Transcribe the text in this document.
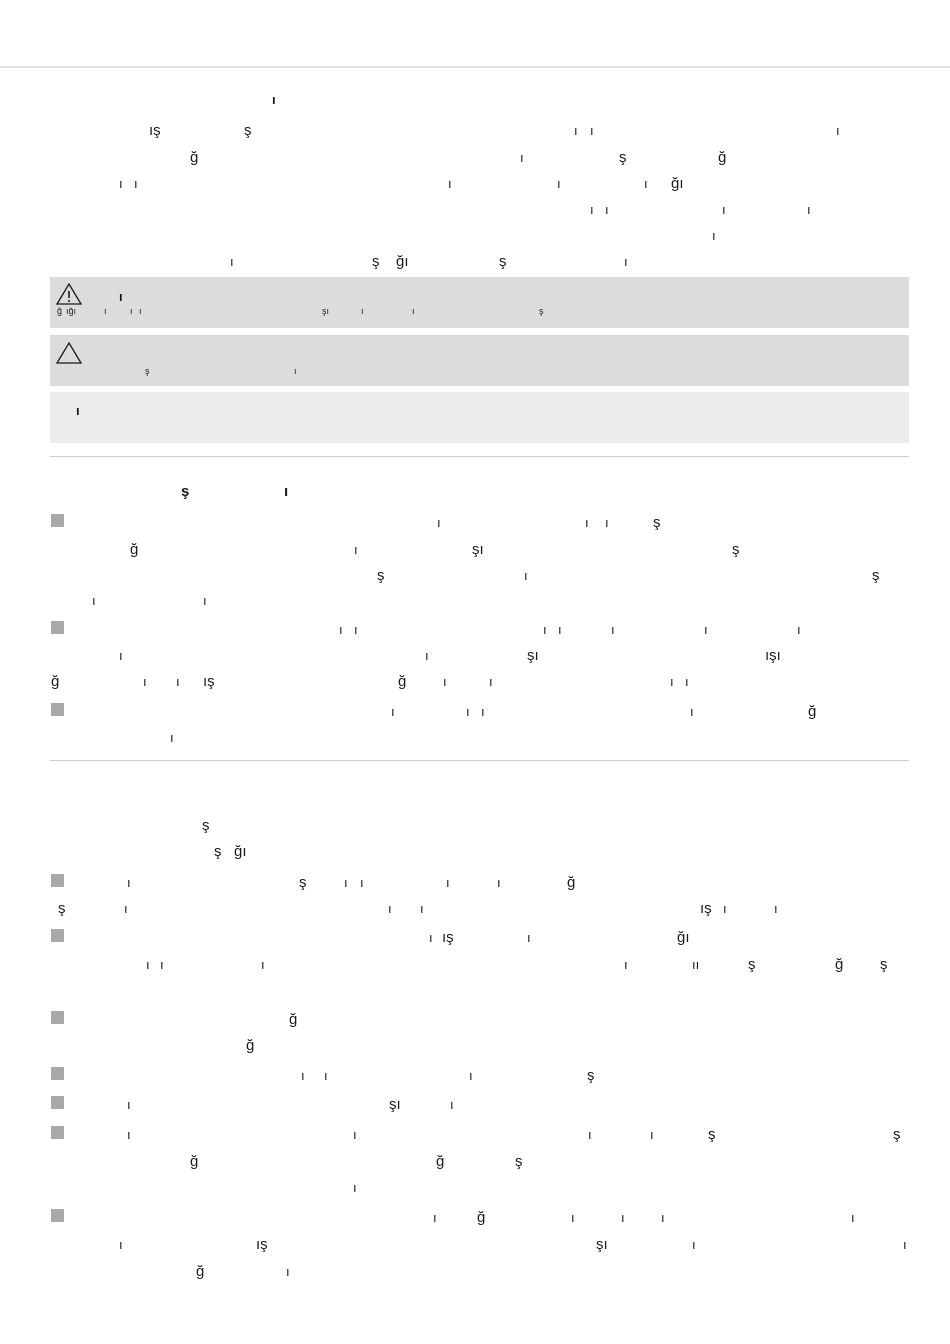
ı
ış	ş	ı ı	ı
ğ	ı	ş	ğ
ı ı	ı	ı	ı ğı
ı ı	ı	ı
ı
ı	ş ğı	ş	ı
ı
ğ ığı	ı	ı ı	şı	ı	ı	ş
ş	ı
ı
ş	ı
ı	ı ı	ş
ğ	ı	şı	ş
ş	ı	ş
ı	ı
ı ı	ı ı	ı	ı	ı
ı	ı	şı	ışı
ğ	ı ı ış	ğ	ı	ı	ı ı
ı	ı ı	ı	ğ
ı
ş
ş ğı
ı	ş	ı ı	ı	ı	ğ
ş	ı	ı ı	ış ı	ı
ı ış	ı	ğı
ı ı	ı	ı	ıı	ş	ğ ş
ğ
ğ
ı ı	ı	ş
ı	şı	ı
ı	ı	ı	ı	ş	ş
ğ	ğ	ş
ı
ı	ğ	ı	ı	ı	ı
ı	ış	şı	ı	ı
ğ	ı
